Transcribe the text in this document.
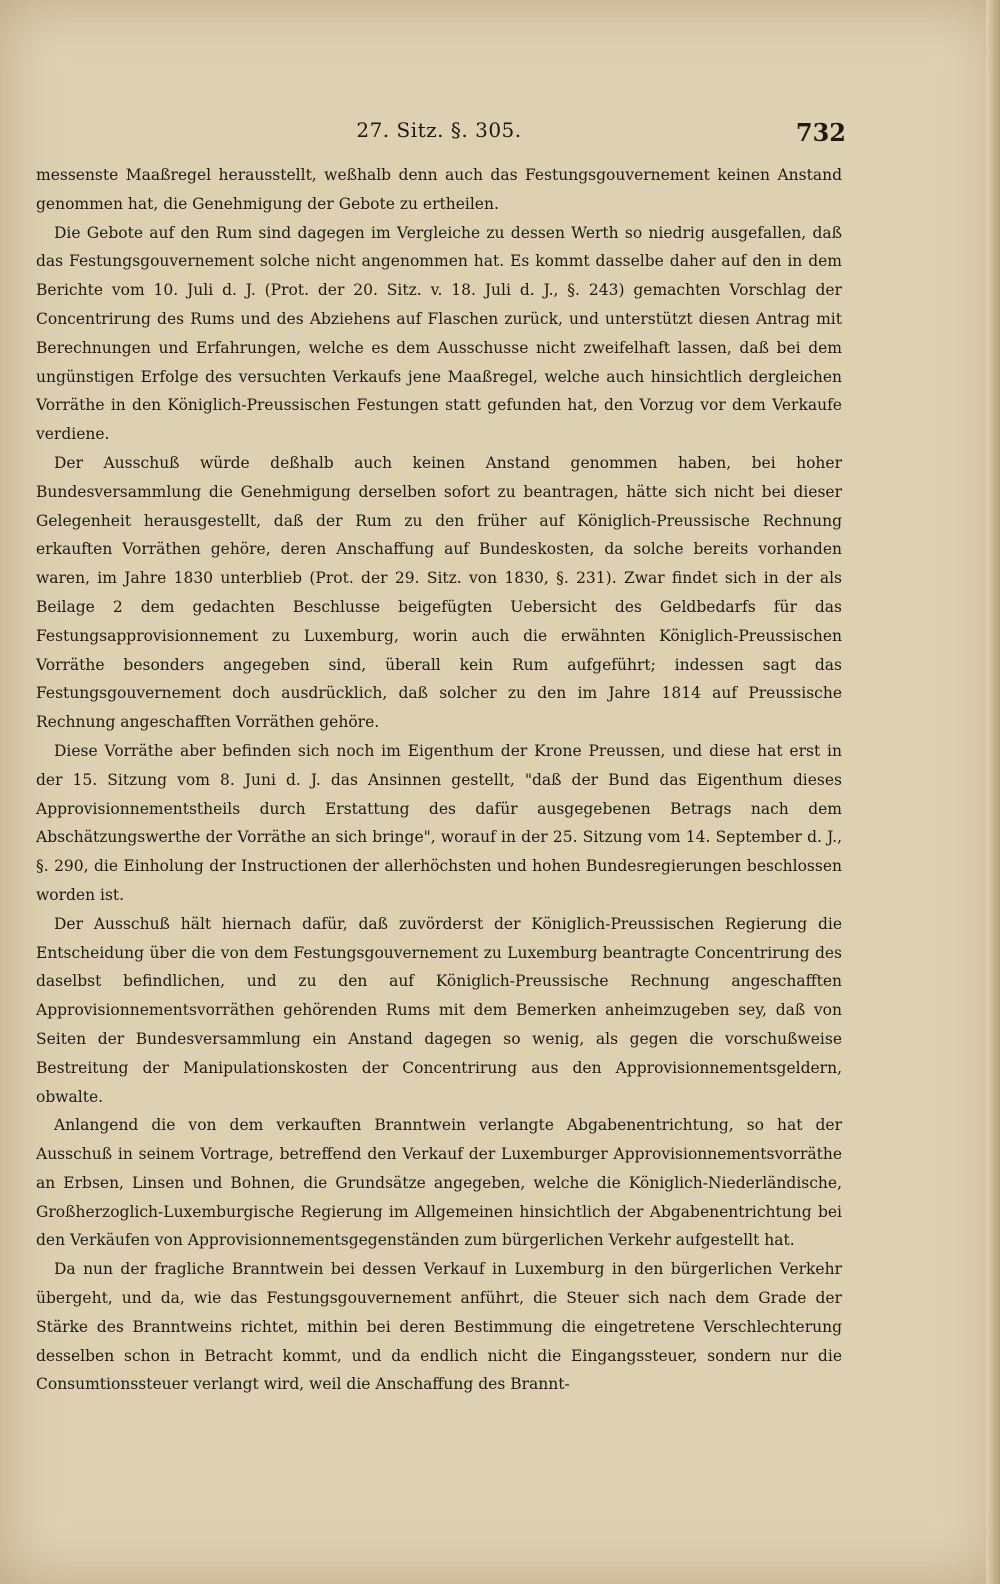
27. Sitz. §. 305.	732

messenste Maaßregel herausstellt, weßhalb denn auch das Festungsgouvernement keinen Anstand genommen hat, die Genehmigung der Gebote zu ertheilen.

Die Gebote auf den Rum sind dagegen im Vergleiche zu dessen Werth so niedrig ausgefallen, daß das Festungsgouvernement solche nicht angenommen hat. Es kommt dasselbe daher auf den in dem Berichte vom 10. Juli d. J. (Prot. der 20. Sitz. v. 18. Juli d. J., §. 243) gemachten Vorschlag der Concentrirung des Rums und des Abziehens auf Flaschen zurück, und unterstützt diesen Antrag mit Berechnungen und Erfahrungen, welche es dem Ausschusse nicht zweifelhaft lassen, daß bei dem ungünstigen Erfolge des versuchten Verkaufs jene Maaßregel, welche auch hinsichtlich dergleichen Vorräthe in den Königlich-Preussischen Festungen statt gefunden hat, den Vorzug vor dem Verkaufe verdiene.

Der Ausschuß würde deßhalb auch keinen Anstand genommen haben, bei hoher Bundesversammlung die Genehmigung derselben sofort zu beantragen, hätte sich nicht bei dieser Gelegenheit herausgestellt, daß der Rum zu den früher auf Königlich-Preussische Rechnung erkauften Vorräthen gehöre, deren Anschaffung auf Bundeskosten, da solche bereits vorhanden waren, im Jahre 1830 unterblieb (Prot. der 29. Sitz. von 1830, §. 231). Zwar findet sich in der als Beilage 2 dem gedachten Beschlusse beigefügten Uebersicht des Geldbedarfs für das Festungsapprovisionnement zu Luxemburg, worin auch die erwähnten Königlich-Preussischen Vorräthe besonders angegeben sind, überall kein Rum aufgeführt; indessen sagt das Festungsgouvernement doch ausdrücklich, daß solcher zu den im Jahre 1814 auf Preussische Rechnung angeschafften Vorräthen gehöre.

Diese Vorräthe aber befinden sich noch im Eigenthum der Krone Preussen, und diese hat erst in der 15. Sitzung vom 8. Juni d. J. das Ansinnen gestellt, "daß der Bund das Eigenthum dieses Approvisionnementstheils durch Erstattung des dafür ausgegebenen Betrags nach dem Abschätzungswerthe der Vorräthe an sich bringe", worauf in der 25. Sitzung vom 14. September d. J., §. 290, die Einholung der Instructionen der allerhöchsten und hohen Bundesregierungen beschlossen worden ist.

Der Ausschuß hält hiernach dafür, daß zuvörderst der Königlich-Preussischen Regierung die Entscheidung über die von dem Festungsgouvernement zu Luxemburg beantragte Concentrirung des daselbst befindlichen, und zu den auf Königlich-Preussische Rechnung angeschafften Approvisionnementsvorräthen gehörenden Rums mit dem Bemerken anheimzugeben sey, daß von Seiten der Bundesversammlung ein Anstand dagegen so wenig, als gegen die vorschußweise Bestreitung der Manipulationskosten der Concentrirung aus den Approvisionnementsgeldern, obwalte.

Anlangend die von dem verkauften Branntwein verlangte Abgabenentrichtung, so hat der Ausschuß in seinem Vortrage, betreffend den Verkauf der Luxemburger Approvisionnementsvorräthe an Erbsen, Linsen und Bohnen, die Grundsätze angegeben, welche die Königlich-Niederländische, Großherzoglich-Luxemburgische Regierung im Allgemeinen hinsichtlich der Abgabenentrichtung bei den Verkäufen von Approvisionnementsgegenständen zum bürgerlichen Verkehr aufgestellt hat.

Da nun der fragliche Branntwein bei dessen Verkauf in Luxemburg in den bürgerlichen Verkehr übergeht, und da, wie das Festungsgouvernement anführt, die Steuer sich nach dem Grade der Stärke des Branntweins richtet, mithin bei deren Bestimmung die eingetretene Verschlechterung desselben schon in Betracht kommt, und da endlich nicht die Eingangssteuer, sondern nur die Consumtionssteuer verlangt wird, weil die Anschaffung des Brannt-
